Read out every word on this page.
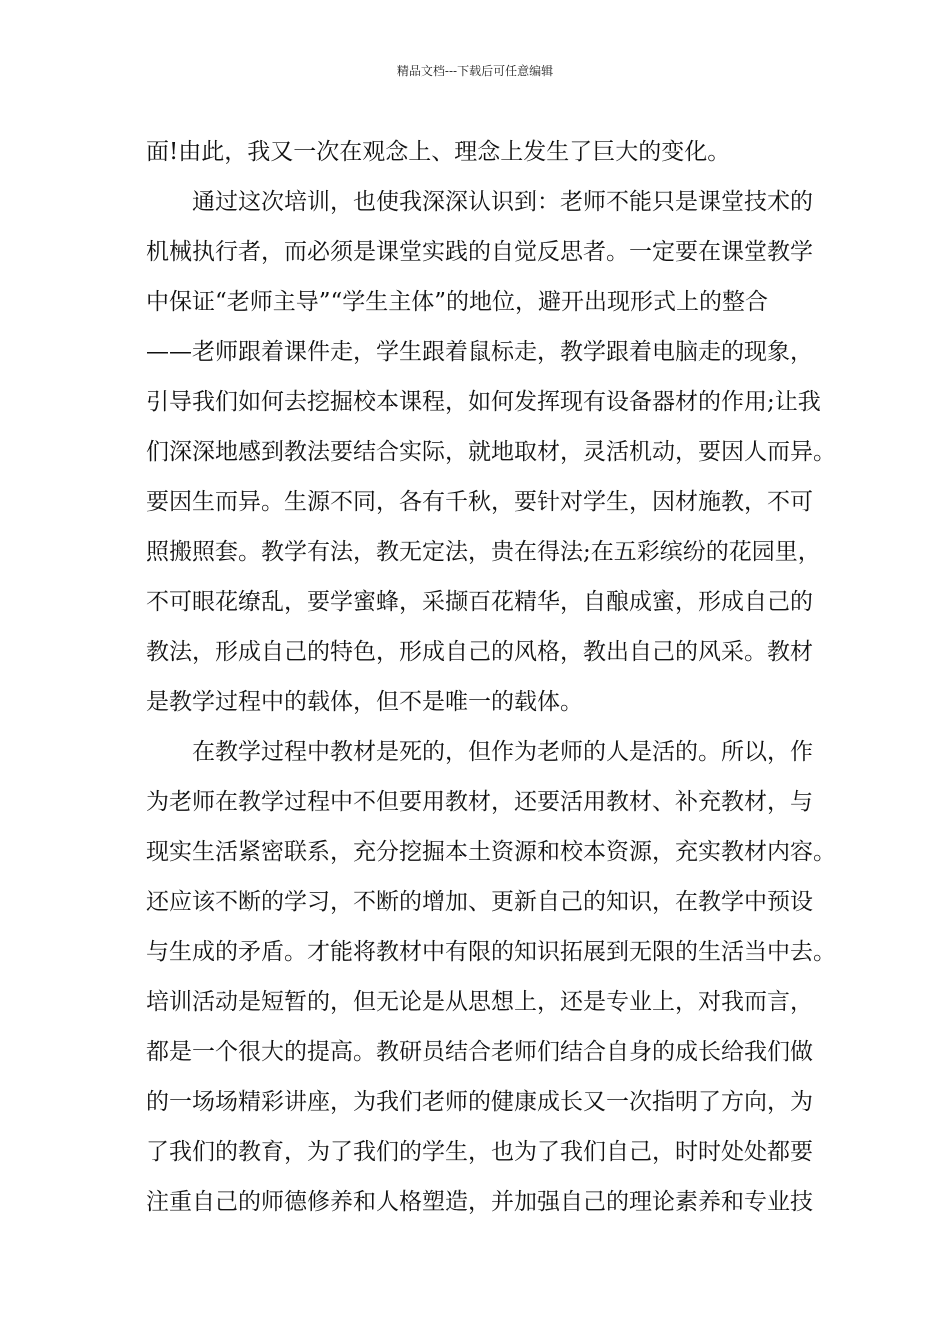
精品文档---下载后可任意编辑
面!由此，我又一次在观念上、理念上发生了巨大的变化。
通过这次培训，也使我深深认识到：老师不能只是课堂技术的
机械执行者，而必须是课堂实践的自觉反思者。一定要在课堂教学
中保证“老师主导”“学生主体”的地位，避开出现形式上的整合
——老师跟着课件走，学生跟着鼠标走，教学跟着电脑走的现象，
引导我们如何去挖掘校本课程，如何发挥现有设备器材的作用;让我
们深深地感到教法要结合实际，就地取材，灵活机动，要因人而异。
要因生而异。生源不同，各有千秋，要针对学生，因材施教，不可
照搬照套。教学有法，教无定法，贵在得法;在五彩缤纷的花园里，
不可眼花缭乱，要学蜜蜂，采撷百花精华，自酿成蜜，形成自己的
教法，形成自己的特色，形成自己的风格，教出自己的风采。教材
是教学过程中的载体，但不是唯一的载体。
在教学过程中教材是死的，但作为老师的人是活的。所以，作
为老师在教学过程中不但要用教材，还要活用教材、补充教材，与
现实生活紧密联系，充分挖掘本土资源和校本资源，充实教材内容。
还应该不断的学习，不断的增加、更新自己的知识，在教学中预设
与生成的矛盾。才能将教材中有限的知识拓展到无限的生活当中去。
培训活动是短暂的，但无论是从思想上，还是专业上，对我而言，
都是一个很大的提高。教研员结合老师们结合自身的成长给我们做
的一场场精彩讲座，为我们老师的健康成长又一次指明了方向，为
了我们的教育，为了我们的学生，也为了我们自己，时时处处都要
注重自己的师德修养和人格塑造，并加强自己的理论素养和专业技
